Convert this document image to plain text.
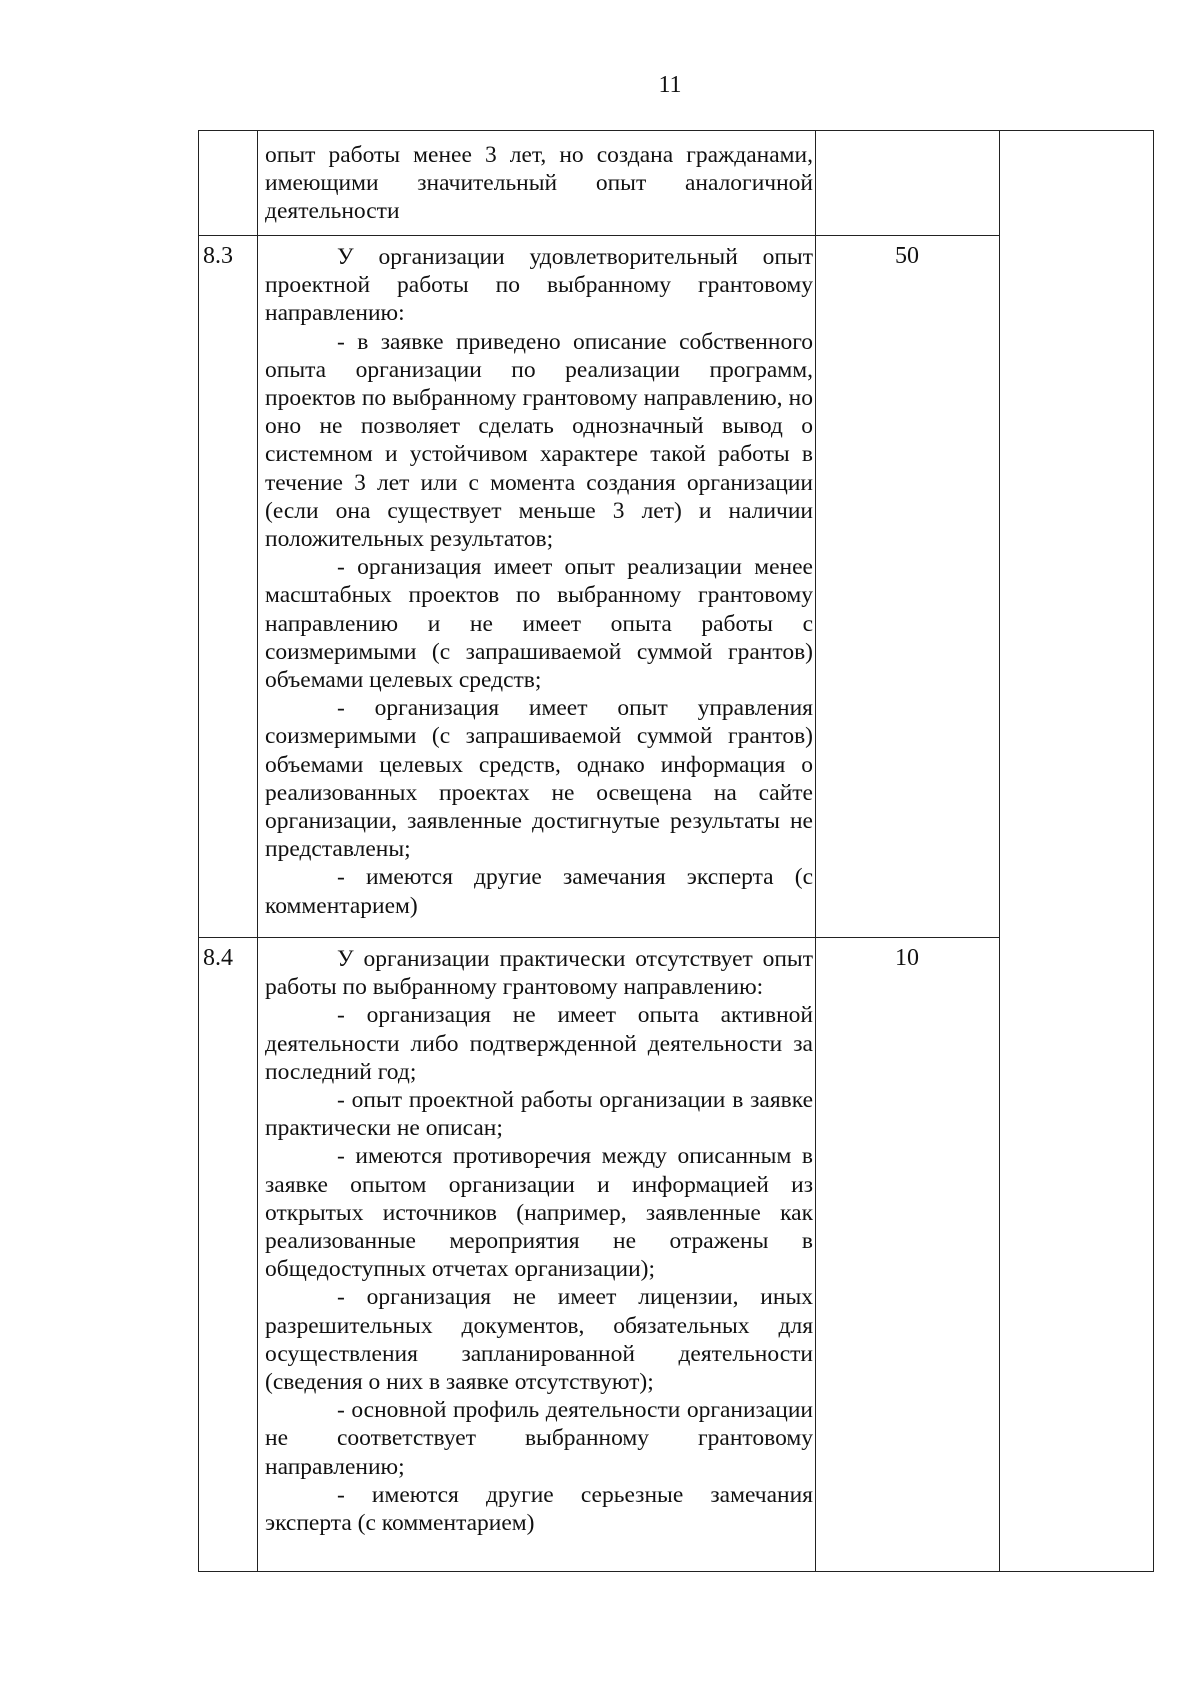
11

опыт работы менее 3 лет, но создана гражданами, имеющими значительный опыт аналогичной деятельности

8.3	У организации удовлетворительный опыт проектной работы по выбранному грантовому направлению:

- в заявке приведено описание собственного опыта организации по реализации программ, проектов по выбранному грантовому направлению, но оно не позволяет сделать однозначный вывод о системном и устойчивом характере такой работы в течение 3 лет или с момента создания организации (если она существует меньше 3 лет) и наличии положительных результатов;

- организация имеет опыт реализации менее масштабных проектов по выбранному грантовому направлению и не имеет опыта работы с соизмеримыми (с запрашиваемой суммой грантов) объемами целевых средств;

- организация имеет опыт управления соизмеримыми (с запрашиваемой суммой грантов) объемами целевых средств, однако информация о реализованных проектах не освещена на сайте организации, заявленные достигнутые результаты не представлены;

- имеются другие замечания эксперта (с комментарием)

50
8.4	У организации практически отсутствует опыт работы по выбранному грантовому направлению:

- организация не имеет опыта активной деятельности либо подтвержденной деятельности за последний год;

- опыт проектной работы организации в заявке практически не описан;

- имеются противоречия между описанным в заявке опытом организации и информацией из открытых источников (например, заявленные как реализованные мероприятия не отражены в общедоступных отчетах организации);

- организация не имеет лицензии, иных разрешительных документов, обязательных для осуществления запланированной деятельности (сведения о них в заявке отсутствуют);

- основной профиль деятельности организации не соответствует выбранному грантовому направлению;

- имеются другие серьезные замечания эксперта (с комментарием)

10
